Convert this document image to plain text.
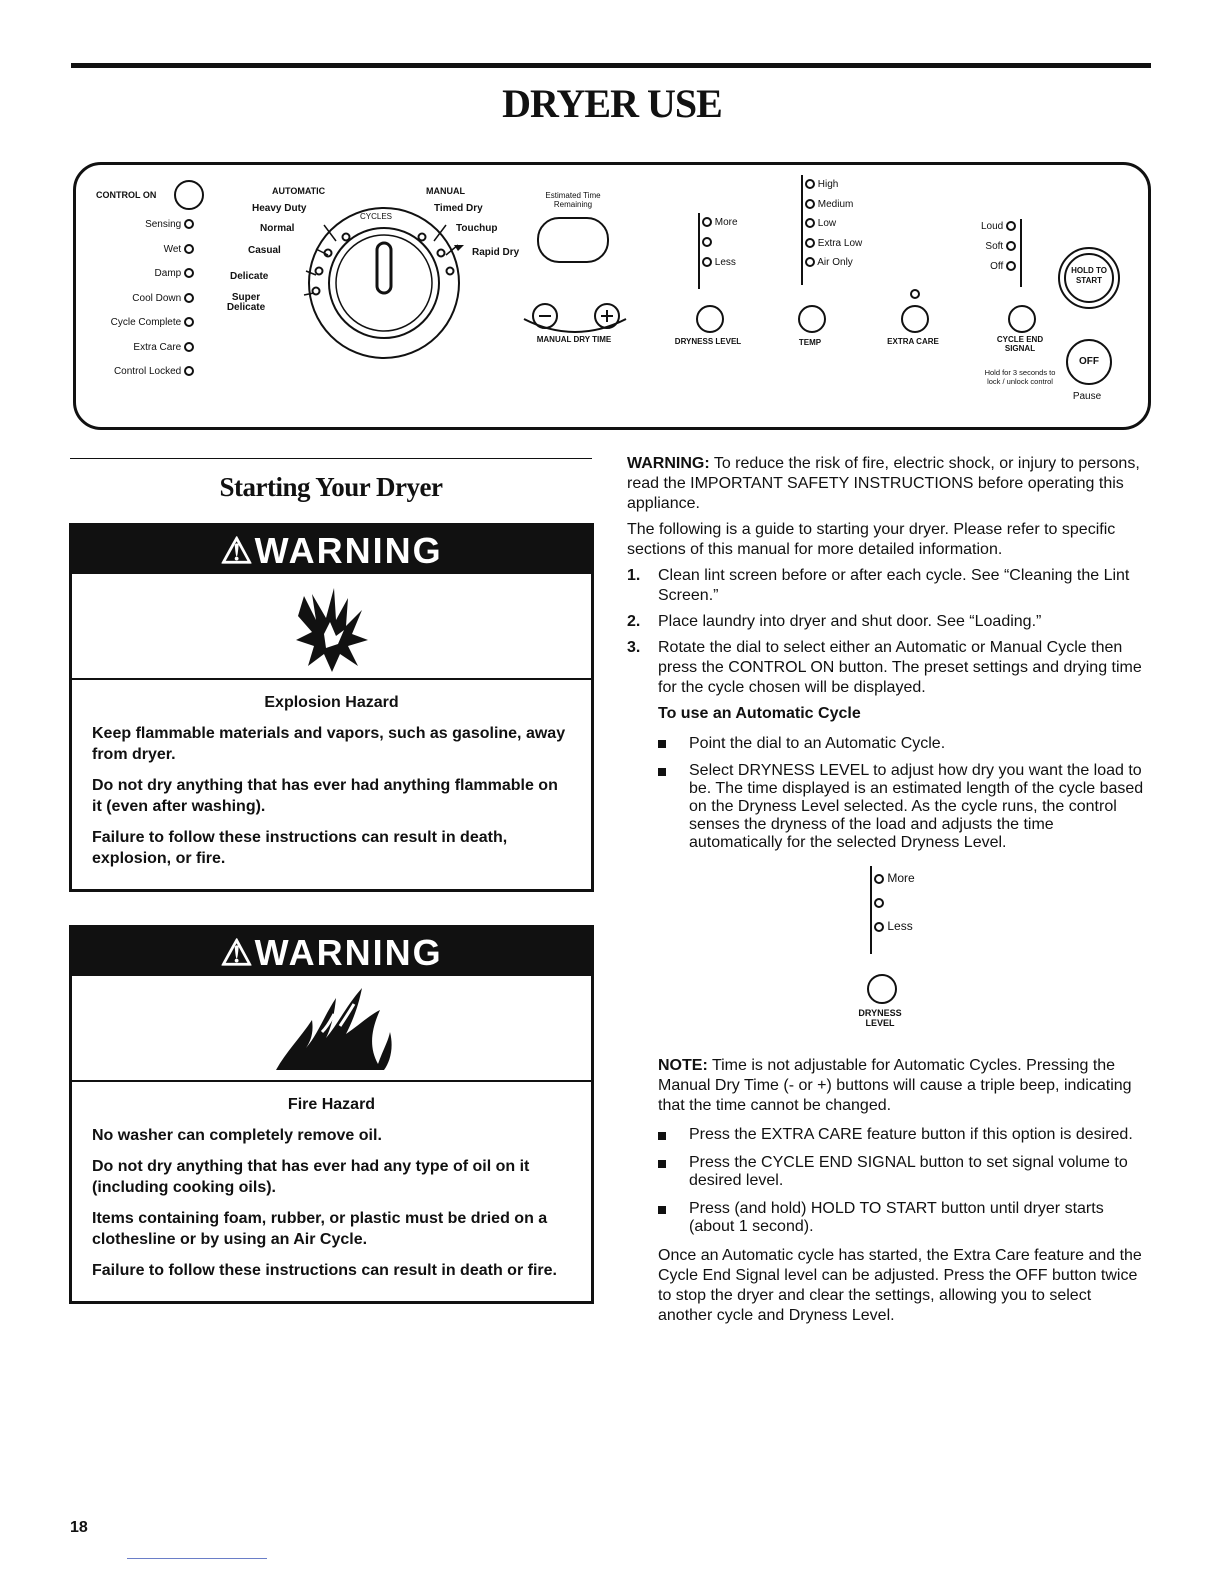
DRYER USE
CONTROL ON
Sensing
Wet
Damp
Cool Down
Cycle Complete
Extra Care
Control Locked
AUTOMATIC	MANUAL
CYCLES
Heavy Duty
Normal
Casual
Delicate
Super Delicate
Timed Dry
Touchup
Rapid Dry
Estimated Time Remaining
MANUAL DRY TIME
More
Less
DRYNESS LEVEL
High
Medium
Low
Extra Low
Air Only
TEMP	EXTRA CARE
Loud
Soft
Off
CYCLE END SIGNAL
Hold for 3 seconds to lock / unlock control
HOLD TO START
OFF
Pause
Starting Your Dryer
⚠WARNING

Explosion Hazard

Keep flammable materials and vapors, such as gasoline, away from dryer.

Do not dry anything that has ever had anything flammable on it (even after washing).

Failure to follow these instructions can result in death, explosion, or fire.

⚠WARNING

Fire Hazard

No washer can completely remove oil.

Do not dry anything that has ever had any type of oil on it (including cooking oils).

Items containing foam, rubber, or plastic must be dried on a clothesline or by using an Air Cycle.

Failure to follow these instructions can result in death or fire.

WARNING: To reduce the risk of fire, electric shock, or injury to persons, read the IMPORTANT SAFETY INSTRUCTIONS before operating this appliance.

The following is a guide to starting your dryer. Please refer to specific sections of this manual for more detailed information.

1. Clean lint screen before or after each cycle. See “Cleaning the Lint Screen.”
2. Place laundry into dryer and shut door. See “Loading.”
3. Rotate the dial to select either an Automatic or Manual Cycle then press the CONTROL ON button. The preset settings and drying time for the cycle chosen will be displayed.

To use an Automatic Cycle

Point the dial to an Automatic Cycle.
Select DRYNESS LEVEL to adjust how dry you want the load to be. The time displayed is an estimated length of the cycle based on the Dryness Level selected. As the cycle runs, the control senses the dryness of the load and adjusts the time automatically for the selected Dryness Level.
More
Less
DRYNESS LEVEL

NOTE: Time is not adjustable for Automatic Cycles. Pressing the Manual Dry Time (- or +) buttons will cause a triple beep, indicating that the time cannot be changed.

Press the EXTRA CARE feature button if this option is desired.
Press the CYCLE END SIGNAL button to set signal volume to desired level.
Press (and hold) HOLD TO START button until dryer starts (about 1 second).

Once an Automatic cycle has started, the Extra Care feature and the Cycle End Signal level can be adjusted. Press the OFF button twice to stop the dryer and clear the settings, allowing you to select another cycle and Dryness Level.

18
